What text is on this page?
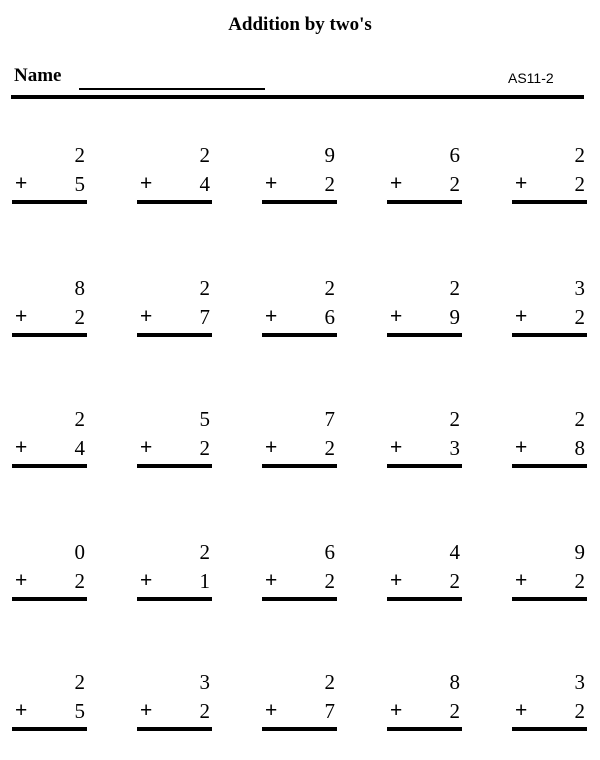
Addition by two's
Name	AS11-2
2
+ 5
2
+ 4
9
+ 2
6
+ 2
2
+ 2
8
+ 2
2
+ 7
2
+ 6
2
+ 9
3
+ 2
2
+ 4
5
+ 2
7
+ 2
2
+ 3
2
+ 8
0
+ 2
2
+ 1
6
+ 2
4
+ 2
9
+ 2
2
+ 5
3
+ 2
2
+ 7
8
+ 2
3
+ 2
